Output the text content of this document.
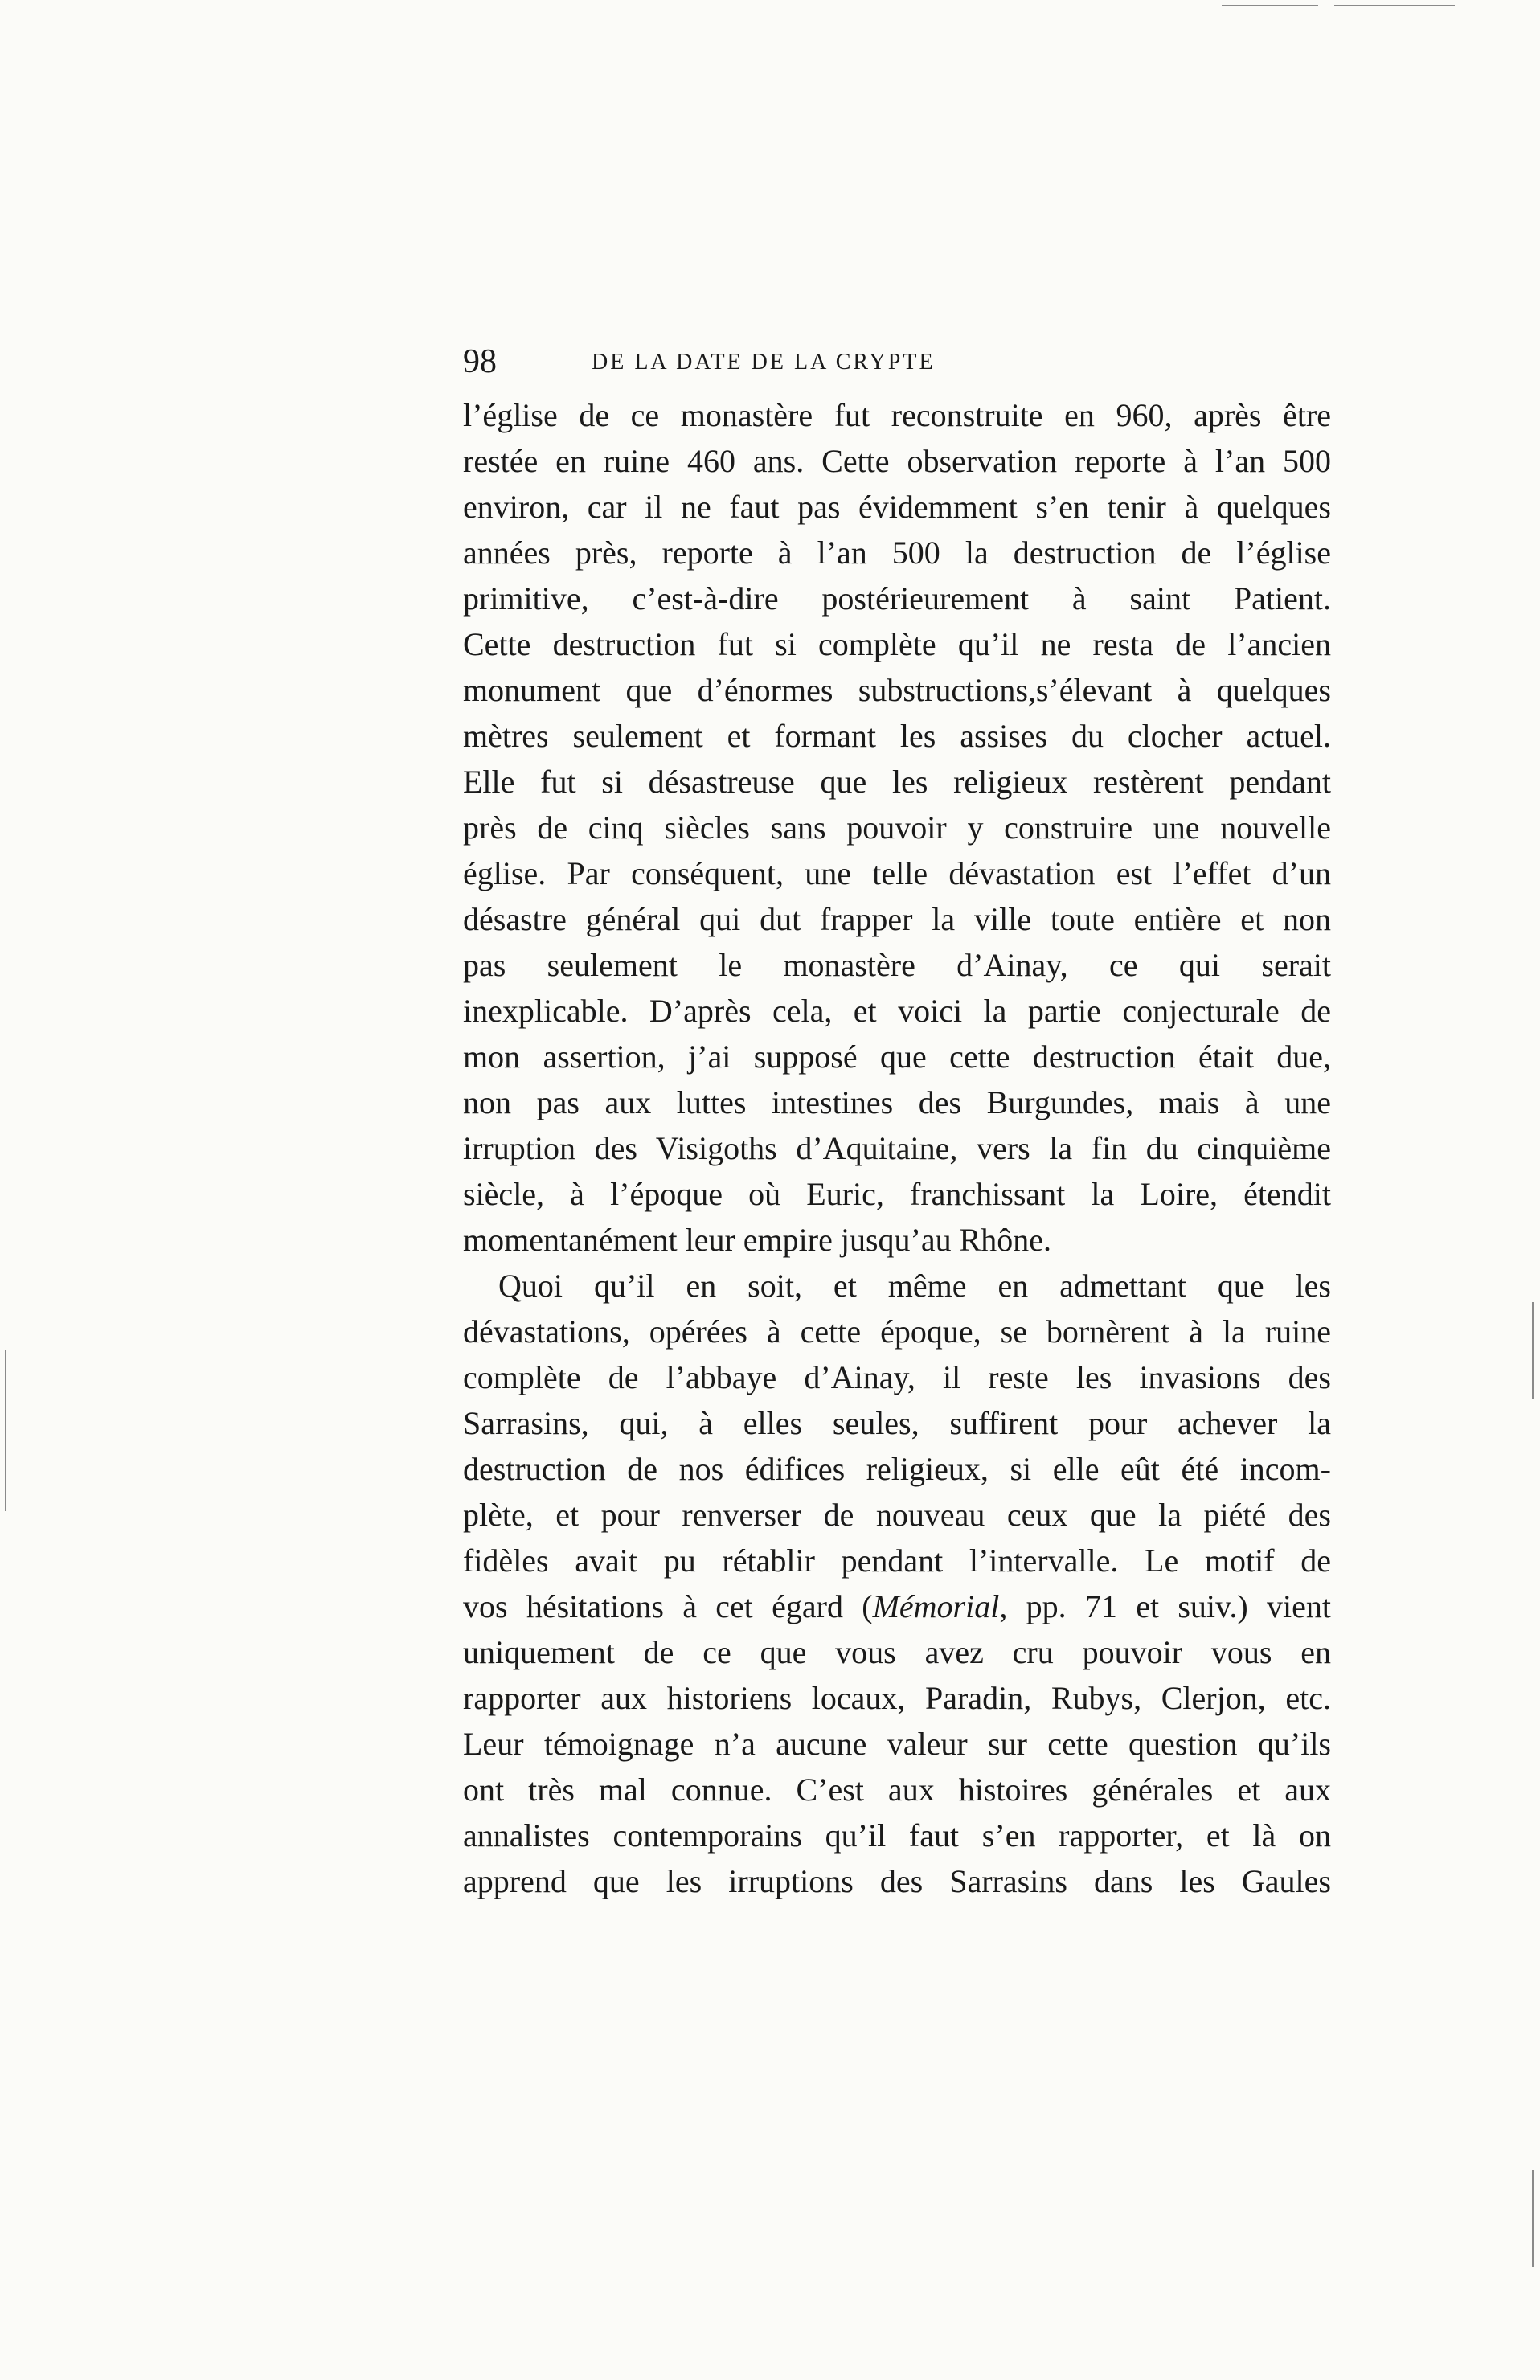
98	DE LA DATE DE LA CRYPTE
l’église de ce monastère fut reconstruite en 960, après être
restée en ruine 460 ans. Cette observation reporte à l’an 500
environ, car il ne faut pas évidemment s’en tenir à quelques
années près, reporte à l’an 500 la destruction de l’église
primitive, c’est-à-dire postérieurement à saint Patient.
Cette destruction fut si complète qu’il ne resta de l’ancien
monument que d’énormes substructions,s’élevant à quelques
mètres seulement et formant les assises du clocher actuel.
Elle fut si désastreuse que les religieux restèrent pendant
près de cinq siècles sans pouvoir y construire une nouvelle
église. Par conséquent, une telle dévastation est l’effet d’un
désastre général qui dut frapper la ville toute entière et non
pas seulement le monastère d’Ainay, ce qui serait
inexplicable. D’après cela, et voici la partie conjecturale de
mon assertion, j’ai supposé que cette destruction était due,
non pas aux luttes intestines des Burgundes, mais à une
irruption des Visigoths d’Aquitaine, vers la fin du cinquième
siècle, à l’époque où Euric, franchissant la Loire, étendit
momentanément leur empire jusqu’au Rhône.
Quoi qu’il en soit, et même en admettant que les
dévastations, opérées à cette époque, se bornèrent à la ruine
complète de l’abbaye d’Ainay, il reste les invasions des
Sarrasins, qui, à elles seules, suffirent pour achever la
destruction de nos édifices religieux, si elle eût été incom-
plète, et pour renverser de nouveau ceux que la piété des
fidèles avait pu rétablir pendant l’intervalle. Le motif de
vos hésitations à cet égard (Mémorial, pp. 71 et suiv.) vient
uniquement de ce que vous avez cru pouvoir vous en
rapporter aux historiens locaux, Paradin, Rubys, Clerjon, etc.
Leur témoignage n’a aucune valeur sur cette question qu’ils
ont très mal connue. C’est aux histoires générales et aux
annalistes contemporains qu’il faut s’en rapporter, et là on
apprend que les irruptions des Sarrasins dans les Gaules
